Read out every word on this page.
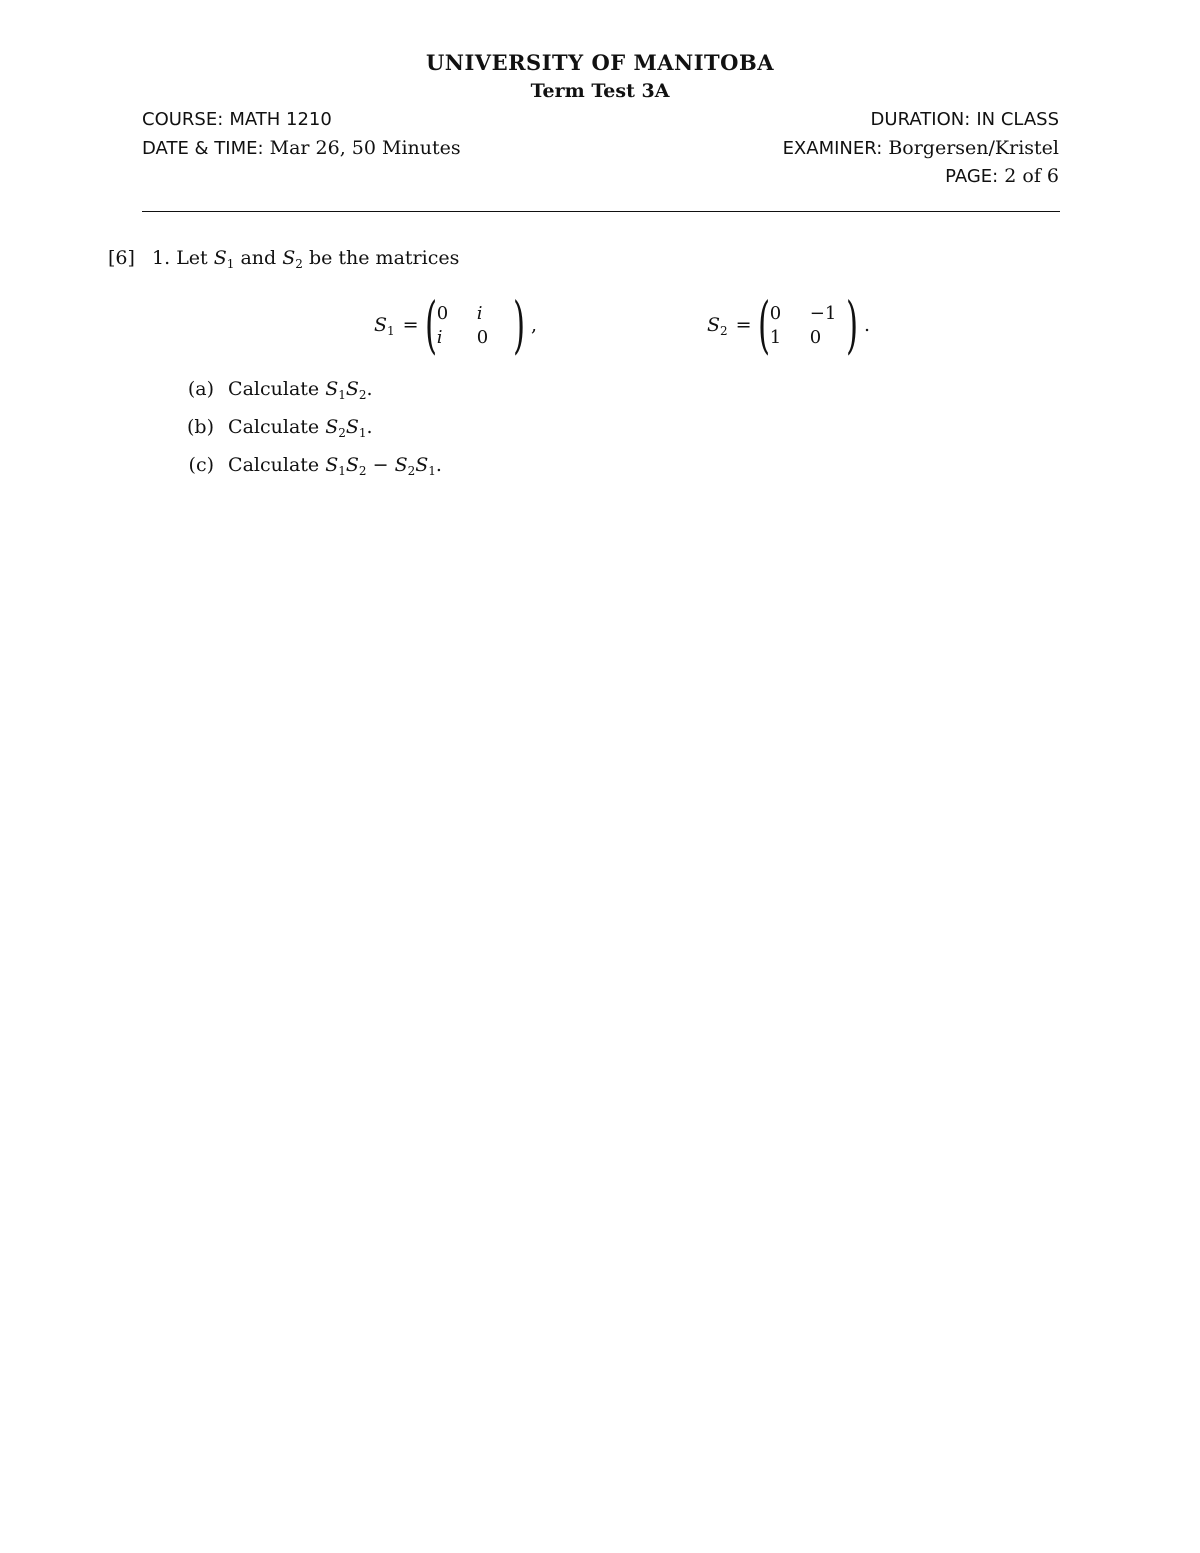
UNIVERSITY OF MANITOBA
Term Test 3A
COURSE: MATH 1210
DATE & TIME: Mar 26, 50 Minutes
DURATION: IN CLASS
EXAMINER: Borgersen/Kristel
PAGE: 2 of 6
[6] 1. Let $S_1$ and $S_2$ be the matrices
$S_1$ = ( 0	i
i	0 ) ,	$S_2$ = ( 0	−1
1	0 ) .
(a) Calculate $S_1S_2$.
(b) Calculate $S_2S_1$.
(c) Calculate $S_1S_2 - S_2S_1$.
